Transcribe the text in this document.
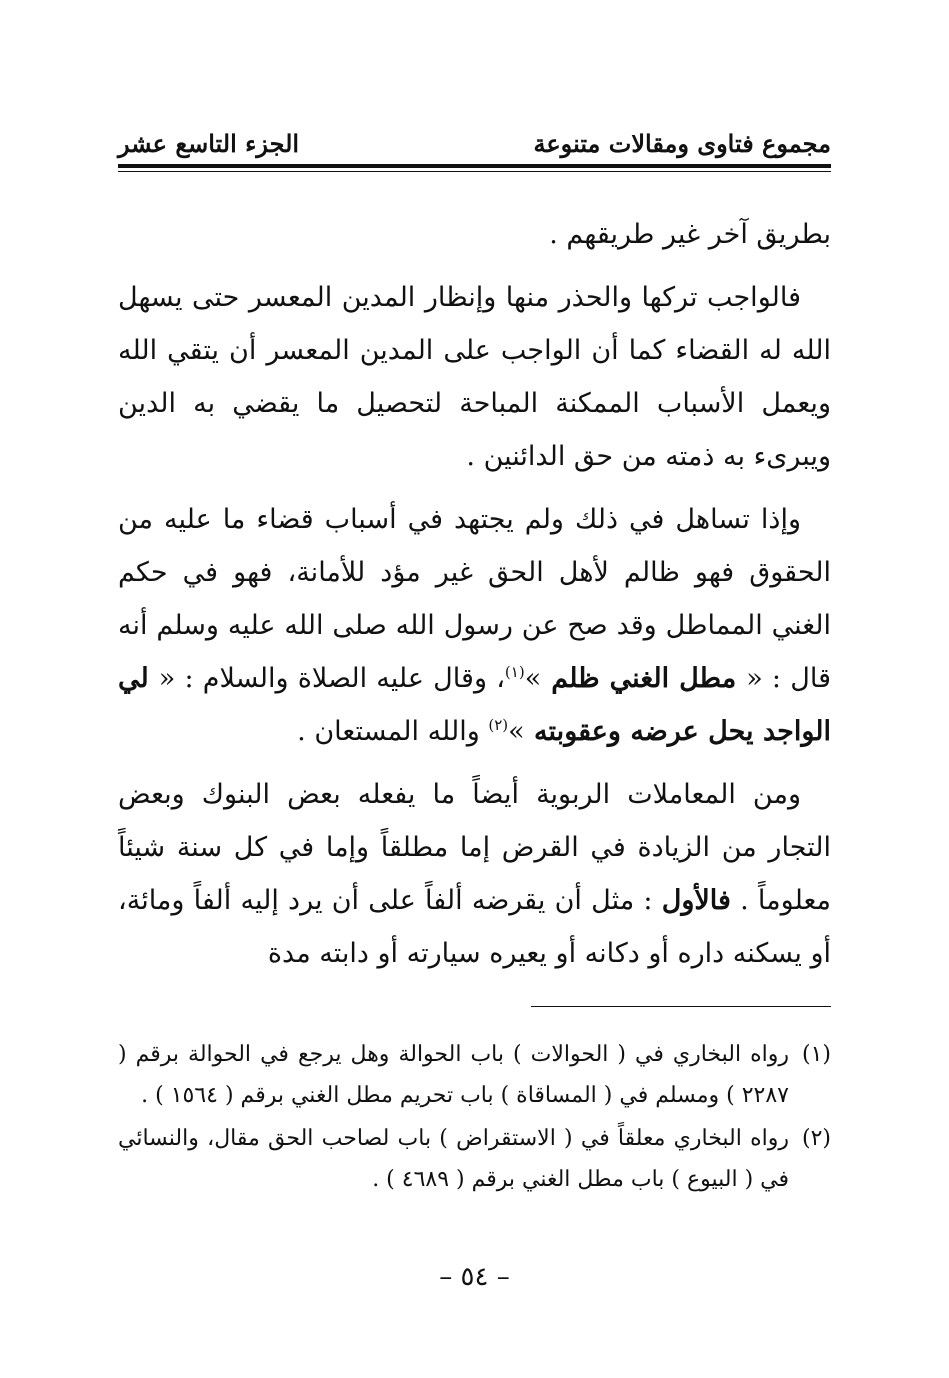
مجموع فتاوى ومقالات متنوعة
الجزء التاسع عشر

بطريق آخر غير طريقهم .

فالواجب تركها والحذر منها وإنظار المدين المعسر حتى يسهل الله له القضاء كما أن الواجب على المدين المعسر أن يتقي الله ويعمل الأسباب الممكنة المباحة لتحصيل ما يقضي به الدين ويبرىء به ذمته من حق الدائنين .

وإذا تساهل في ذلك ولم يجتهد في أسباب قضاء ما عليه من الحقوق فهو ظالم لأهل الحق غير مؤد للأمانة، فهو في حكم الغني المماطل وقد صح عن رسول الله صلى الله عليه وسلم أنه قال : « مطل الغني ظلم »$^{(١)}$، وقال عليه الصلاة والسلام : « لي الواجد يحل عرضه وعقوبته »$^{(٢)}$ والله المستعان .

ومن المعاملات الربوية أيضاً ما يفعله بعض البنوك وبعض التجار من الزيادة في القرض إما مطلقاً وإما في كل سنة شيئاً معلوماً . فالأول : مثل أن يقرضه ألفاً على أن يرد إليه ألفاً ومائة، أو يسكنه داره أو دكانه أو يعيره سيارته أو دابته مدة

(١)
رواه البخاري في ( الحوالات ) باب الحوالة وهل يرجع في الحوالة برقم ( ٢٢٨٧ ) ومسلم في ( المساقاة ) باب تحريم مطل الغني برقم ( ١٥٦٤ ) .
(٢)
رواه البخاري معلقاً في ( الاستقراض ) باب لصاحب الحق مقال، والنسائي في ( البيوع ) باب مطل الغني برقم ( ٤٦٨٩ ) .
– ٥٤ –
